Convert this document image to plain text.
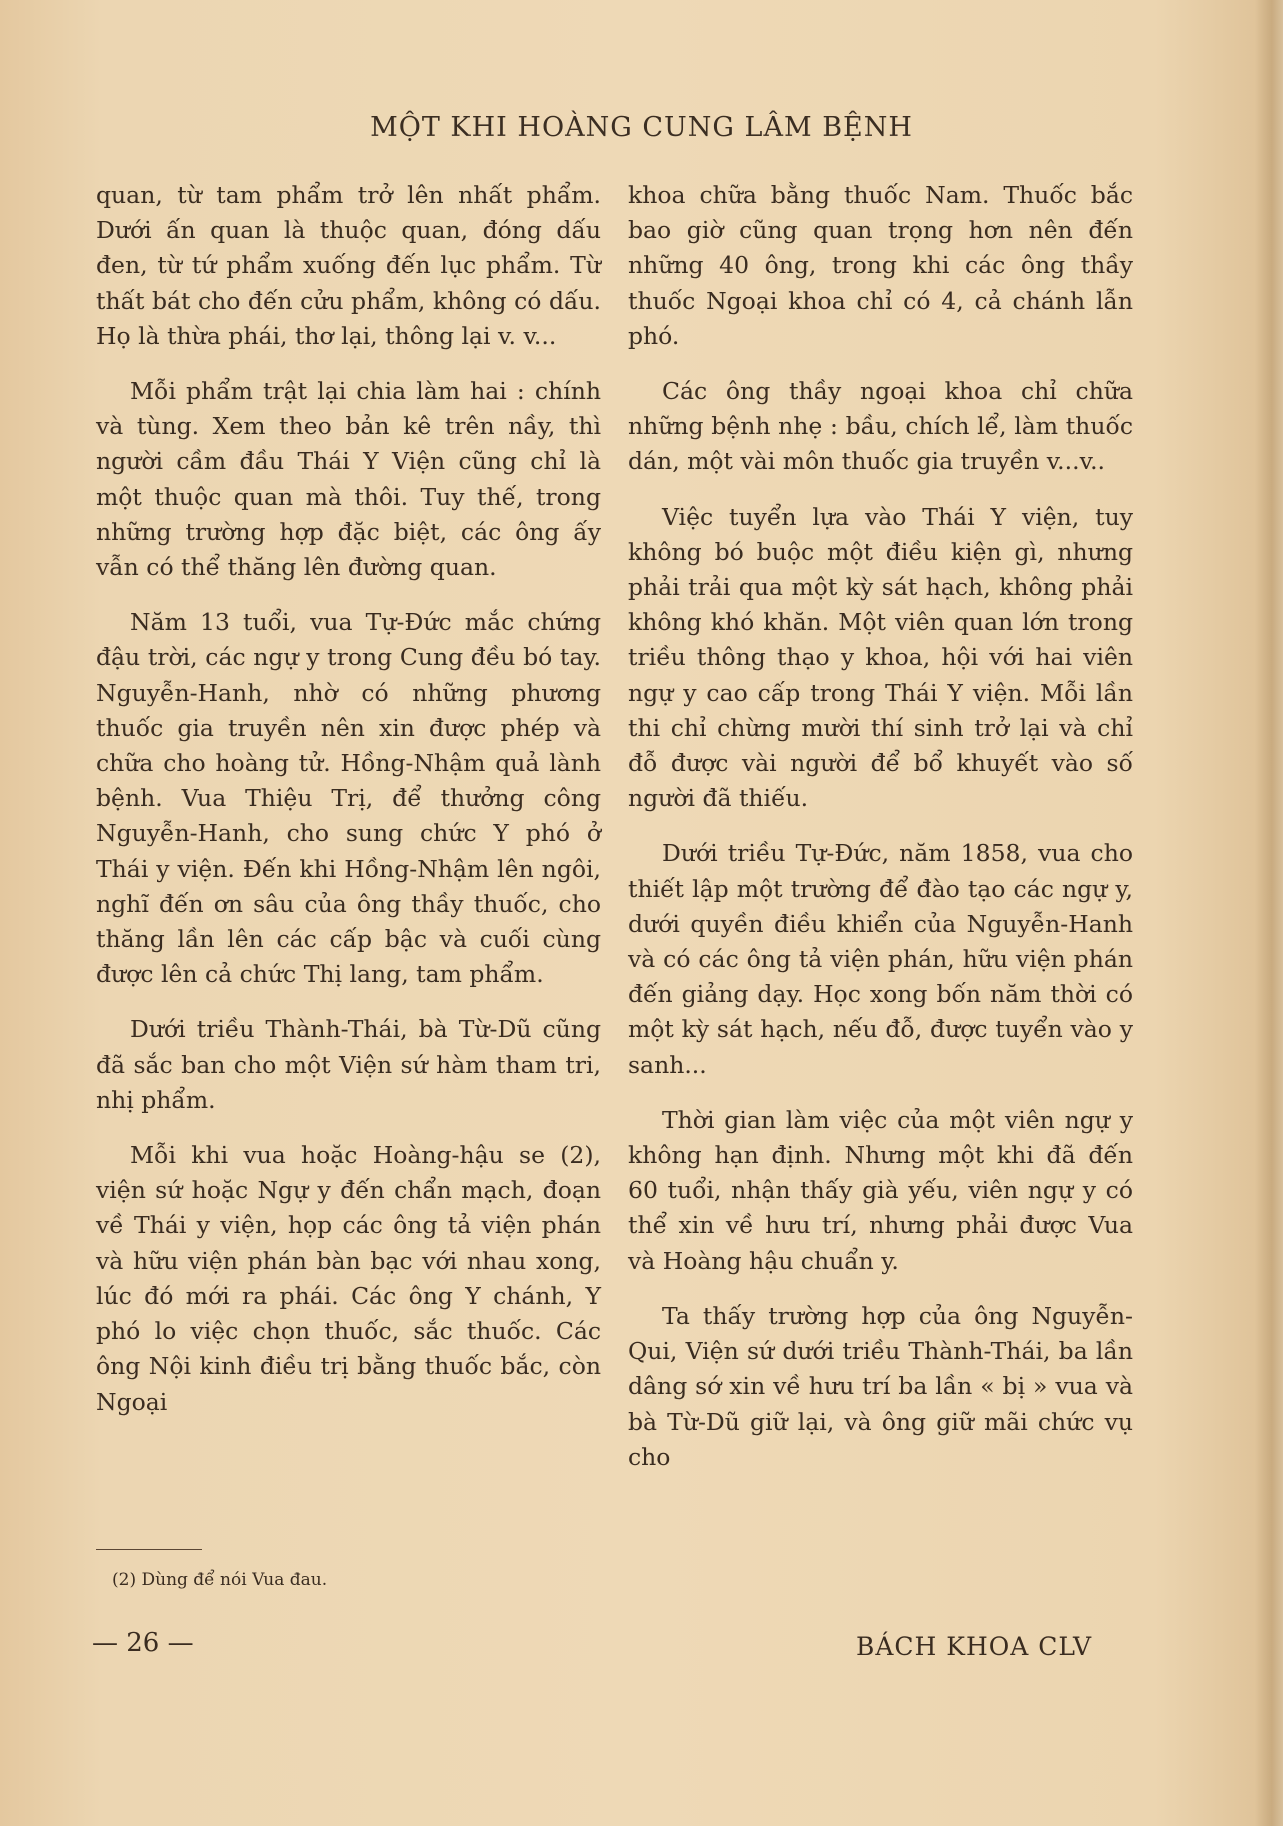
MỘT KHI HOÀNG CUNG LÂM BỆNH

quan, từ tam phẩm trở lên nhất phẩm. Dưới ấn quan là thuộc quan, đóng dấu đen, từ tứ phẩm xuống đến lục phẩm. Từ thất bát cho đến cửu phẩm, không có dấu. Họ là thừa phái, thơ lại, thông lại v. v...

Mỗi phẩm trật lại chia làm hai : chính và tùng. Xem theo bản kê trên nầy, thì người cầm đầu Thái Y Viện cũng chỉ là một thuộc quan mà thôi. Tuy thế, trong những trường hợp đặc biệt, các ông ấy vẫn có thể thăng lên đường quan.

Năm 13 tuổi, vua Tự-Đức mắc chứng đậu trời, các ngự y trong Cung đều bó tay. Nguyễn-Hanh, nhờ có những phương thuốc gia truyền nên xin được phép và chữa cho hoàng tử. Hồng-Nhậm quả lành bệnh. Vua Thiệu Trị, để thưởng công Nguyễn-Hanh, cho sung chức Y phó ở Thái y viện. Đến khi Hồng-Nhậm lên ngôi, nghĩ đến ơn sâu của ông thầy thuốc, cho thăng lần lên các cấp bậc và cuối cùng được lên cả chức Thị lang, tam phẩm.

Dưới triều Thành-Thái, bà Từ-Dũ cũng đã sắc ban cho một Viện sứ hàm tham tri, nhị phẩm.

Mỗi khi vua hoặc Hoàng-hậu se (2), viện sứ hoặc Ngự y đến chẩn mạch, đoạn về Thái y viện, họp các ông tả viện phán và hữu viện phán bàn bạc với nhau xong, lúc đó mới ra phái. Các ông Y chánh, Y phó lo việc chọn thuốc, sắc thuốc. Các ông Nội kinh điều trị bằng thuốc bắc, còn Ngoại

khoa chữa bằng thuốc Nam. Thuốc bắc bao giờ cũng quan trọng hơn nên đến những 40 ông, trong khi các ông thầy thuốc Ngoại khoa chỉ có 4, cả chánh lẫn phó.

Các ông thầy ngoại khoa chỉ chữa những bệnh nhẹ : bầu, chích lể, làm thuốc dán, một vài môn thuốc gia truyền v...v..

Việc tuyển lựa vào Thái Y viện, tuy không bó buộc một điều kiện gì, nhưng phải trải qua một kỳ sát hạch, không phải không khó khăn. Một viên quan lớn trong triều thông thạo y khoa, hội với hai viên ngự y cao cấp trong Thái Y viện. Mỗi lần thi chỉ chừng mười thí sinh trở lại và chỉ đỗ được vài người để bổ khuyết vào số người đã thiếu.

Dưới triều Tự-Đức, năm 1858, vua cho thiết lập một trường để đào tạo các ngự y, dưới quyền điều khiển của Nguyễn-Hanh và có các ông tả viện phán, hữu viện phán đến giảng dạy. Học xong bốn năm thời có một kỳ sát hạch, nếu đỗ, được tuyển vào y sanh...

Thời gian làm việc của một viên ngự y không hạn định. Nhưng một khi đã đến 60 tuổi, nhận thấy già yếu, viên ngự y có thể xin về hưu trí, nhưng phải được Vua và Hoàng hậu chuẩn y.

Ta thấy trường hợp của ông Nguyễn-Qui, Viện sứ dưới triều Thành-Thái, ba lần dâng sớ xin về hưu trí ba lần « bị » vua và bà Từ-Dũ giữ lại, và ông giữ mãi chức vụ cho

(2) Dùng để nói Vua đau.
— 26 —	BÁCH KHOA CLV
